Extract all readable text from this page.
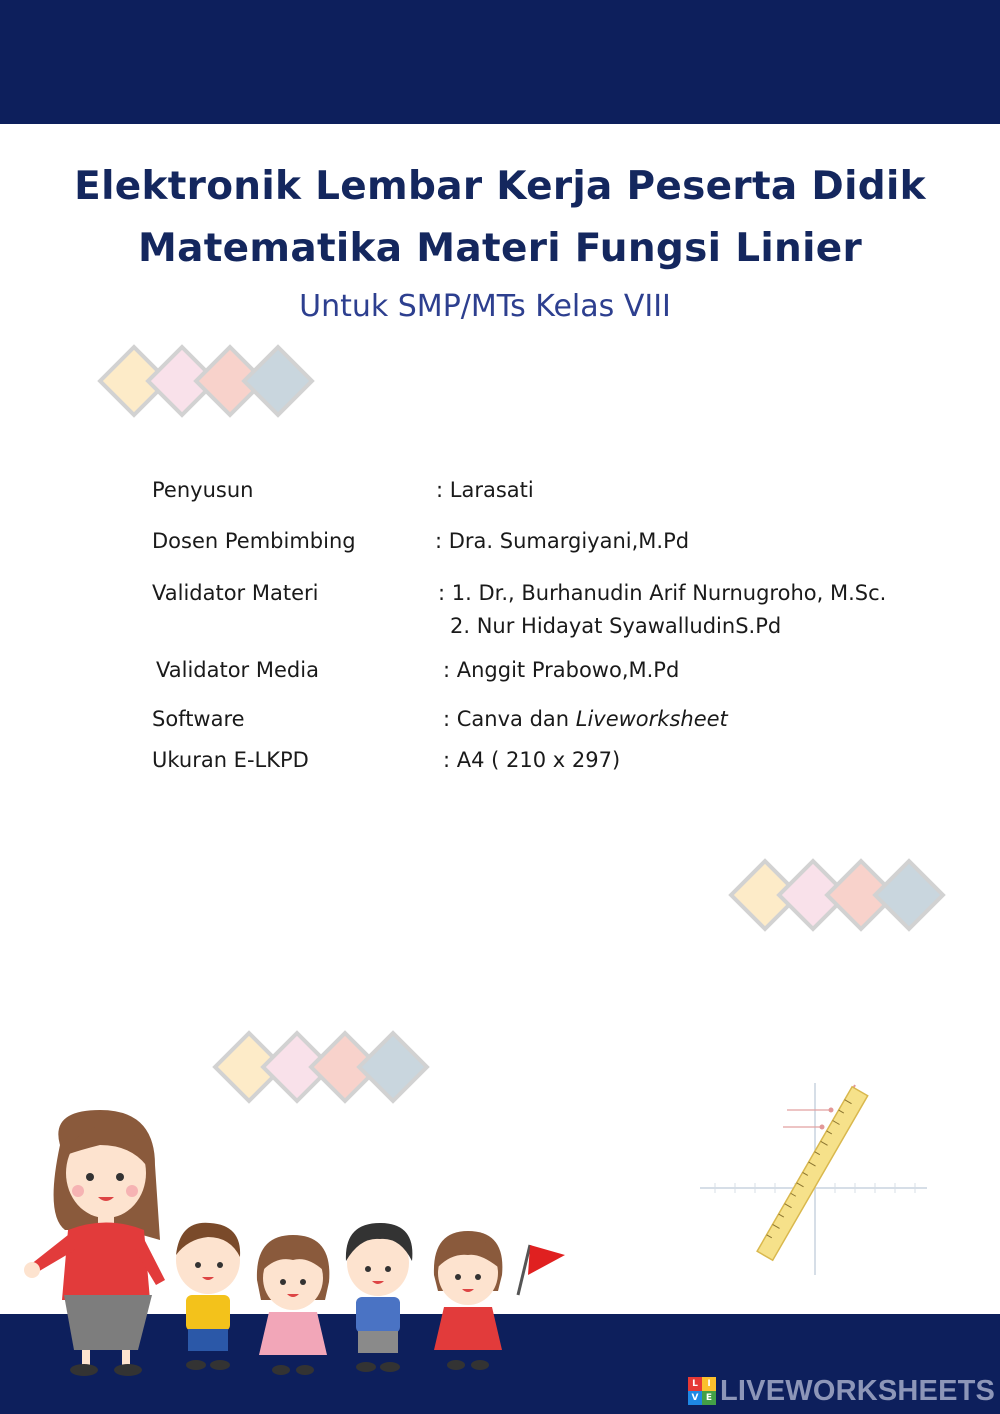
Elektronik Lembar Kerja Peserta Didik
Matematika Materi Fungsi Linier

Untuk SMP/MTs Kelas VIII

Penyusun	: Larasati
Dosen Pembimbing	: Dra. Sumargiyani,M.Pd
Validator Materi	: 1. Dr., Burhanudin Arif Nurnugroho, M.Sc.
2. Nur Hidayat SyawalludinS.Pd
Validator Media	: Anggit Prabowo,M.Pd
Software	: Canva dan Liveworksheet
Ukuran E-LKPD	: A4 ( 210 x 297)
L	I
V E LIVEWORKSHEETS
